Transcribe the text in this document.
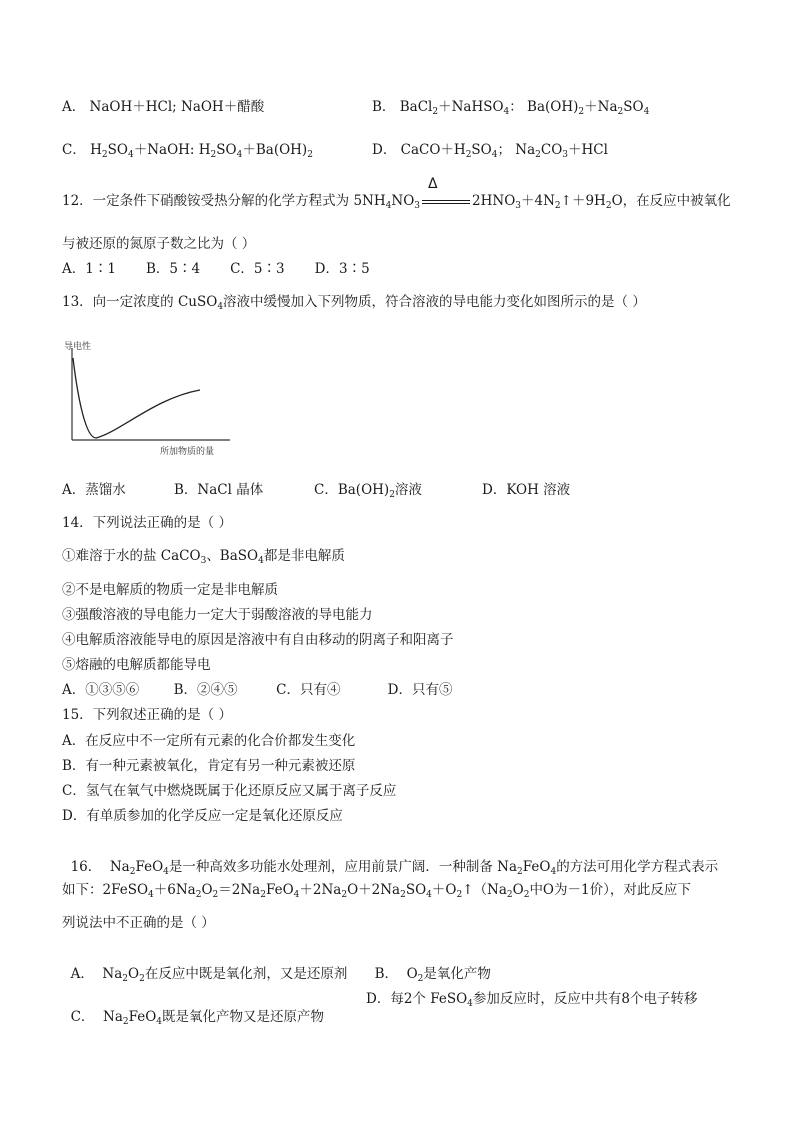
A． NaOH＋HCl; NaOH＋醋酸	B． BaCl$_2$＋NaHSO$_4$： $Ba(OH)_2+Na_2SO_4$
C． $H_2SO_4+NaOH$: $H_2SO_4+Ba(OH)_2$	D． $CaCO+H_2SO_4$； $Na_2CO_3+HCl$
Δ
12．一定条件下硝酸铵受热分解的化学方程式为 $5NH_4NO_3$	$2HNO_3+4N_2↑+9H_2O$，在反应中被氧化
与被还原的氮原子数之比为（ ）
A．1∶1       B．5∶4       C．5∶3       D．3∶5
13．向一定浓度的 CuSO$_4$溶液中缓慢加入下列物质，符合溶液的导电能力变化如图所示的是（ ）
导电性
所加物质的量
A．蒸馏水	B．NaCl 晶体	C．$Ba(OH)_2$溶液	D．KOH 溶液
14．下列说法正确的是（ ）
①难溶于水的盐 CaCO$_3$、BaSO$_4$都是非电解质
②不是电解质的物质一定是非电解质
③强酸溶液的导电能力一定大于弱酸溶液的导电能力
④电解质溶液能导电的原因是溶液中有自由移动的阴离子和阳离子
⑤熔融的电解质都能导电
A．①③⑤⑥        B．②④⑤         C．只有④           D．只有⑤
15．下列叙述正确的是（ ）
A．在反应中不一定所有元素的化合价都发生变化
B．有一种元素被氧化，肯定有另一种元素被还原
C．氢气在氧气中燃烧既属于化还原反应又属于离子反应
D．有单质参加的化学反应一定是氧化还原反应

16．  $Na_2FeO_4$是一种高效多功能水处理剂，应用前景广阔．一种制备 $Na_2FeO_4$的方法可用化学方程式表示

如下：$2FeSO_4+6Na_2O_2=2Na_2FeO_4+2Na_2O+2Na_2SO_4+O_2↑(Na_2O_2$中O为－1价），对此反应下
列说法中不正确的是（ ）

A．  $Na_2O_2$在反应中既是氧化剂，又是还原剂	B．  $O_2$是氧化产物

C．  $Na_2FeO_4$既是氧化产物又是还原产物

D．每2个 FeSO$_4$参加反应时，反应中共有8个电子转移
